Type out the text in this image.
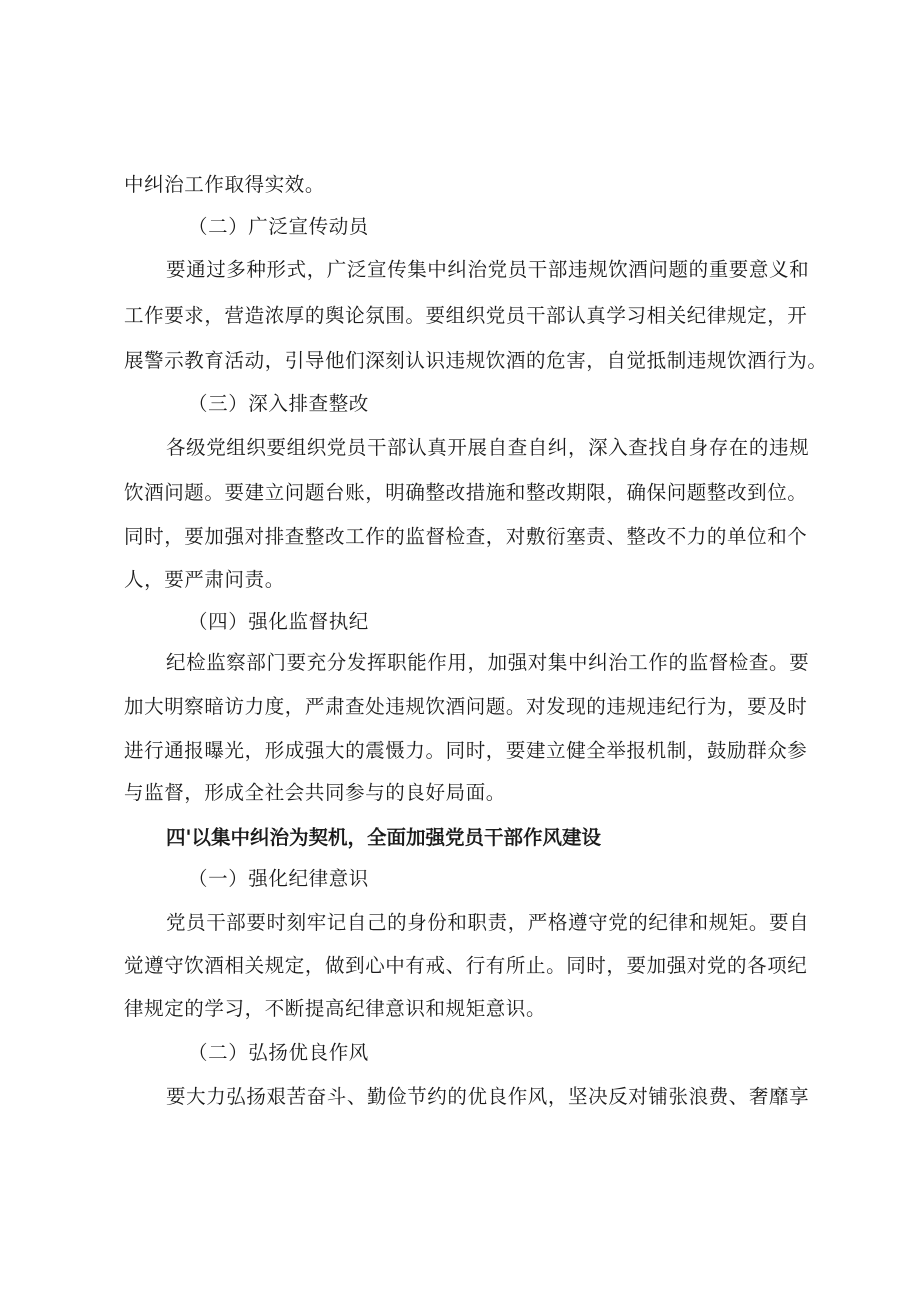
中纠治工作取得实效。
（二）广泛宣传动员
要通过多种形式，广泛宣传集中纠治党员干部违规饮酒问题的重要意义和
工作要求，营造浓厚的舆论氛围。要组织党员干部认真学习相关纪律规定，开
展警示教育活动，引导他们深刻认识违规饮酒的危害，自觉抵制违规饮酒行为。
（三）深入排查整改
各级党组织要组织党员干部认真开展自查自纠，深入查找自身存在的违规
饮酒问题。要建立问题台账，明确整改措施和整改期限，确保问题整改到位。
同时，要加强对排查整改工作的监督检查，对敷衍塞责、整改不力的单位和个
人，要严肃问责。
（四）强化监督执纪
纪检监察部门要充分发挥职能作用，加强对集中纠治工作的监督检查。要
加大明察暗访力度，严肃查处违规饮酒问题。对发现的违规违纪行为，要及时
进行通报曝光，形成强大的震慑力。同时，要建立健全举报机制，鼓励群众参
与监督，形成全社会共同参与的良好局面。
四'以集中纠治为契机，全面加强党员干部作风建设
（一）强化纪律意识
党员干部要时刻牢记自己的身份和职责，严格遵守党的纪律和规矩。要自
觉遵守饮酒相关规定，做到心中有戒、行有所止。同时，要加强对党的各项纪
律规定的学习，不断提高纪律意识和规矩意识。
（二）弘扬优良作风
要大力弘扬艰苦奋斗、勤俭节约的优良作风，坚决反对铺张浪费、奢靡享
